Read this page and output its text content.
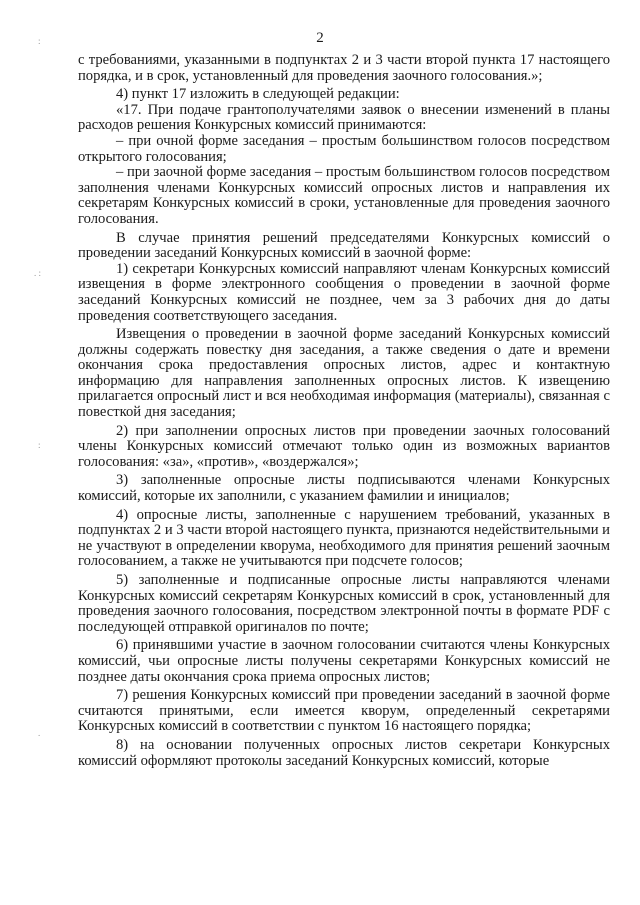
2

с требованиями, указанными в подпунктах 2 и 3 части второй пункта 17 настоящего порядка, и в срок, установленный для проведения заочного голосования.»;

4) пункт 17 изложить в следующей редакции:

«17. При подаче грантополучателями заявок о внесении изменений в планы расходов решения Конкурсных комиссий принимаются:

– при очной форме заседания – простым большинством голосов посредством открытого голосования;

– при заочной форме заседания – простым большинством голосов посредством заполнения членами Конкурсных комиссий опросных листов и направления их секретарям Конкурсных комиссий в сроки, установленные для проведения заочного голосования.

В случае принятия решений председателями Конкурсных комиссий о проведении заседаний Конкурсных комиссий в заочной форме:

1) секретари Конкурсных комиссий направляют членам Конкурсных комиссий извещения в форме электронного сообщения о проведении в заочной форме заседаний Конкурсных комиссий не позднее, чем за 3 рабочих дня до даты проведения соответствующего заседания.

Извещения о проведении в заочной форме заседаний Конкурсных комиссий должны содержать повестку дня заседания, а также сведения о дате и времени окончания срока предоставления опросных листов, адрес и контактную информацию для направления заполненных опросных листов. К извещению прилагается опросный лист и вся необходимая информация (материалы), связанная с повесткой дня заседания;

2) при заполнении опросных листов при проведении заочных голосований члены Конкурсных комиссий отмечают только один из возможных вариантов голосования: «за», «против», «воздержался»;

3) заполненные опросные листы подписываются членами Конкурсных комиссий, которые их заполнили, с указанием фамилии и инициалов;

4) опросные листы, заполненные с нарушением требований, указанных в подпунктах 2 и 3 части второй настоящего пункта, признаются недействительными и не участвуют в определении кворума, необходимого для принятия решений заочным голосованием, а также не учитываются при подсчете голосов;

5) заполненные и подписанные опросные листы направляются членами Конкурсных комиссий секретарям Конкурсных комиссий в срок, установленный для проведения заочного голосования, посредством электронной почты в формате PDF с последующей отправкой оригиналов по почте;

6) принявшими участие в заочном голосовании считаются члены Конкурсных комиссий, чьи опросные листы получены секретарями Конкурсных комиссий не позднее даты окончания срока приема опросных листов;

7) решения Конкурсных комиссий при проведении заседаний в заочной форме считаются принятыми, если имеется кворум, определенный секретарями Конкурсных комиссий в соответствии с пунктом 16 настоящего порядка;

8) на основании полученных опросных листов секретари Конкурсных комиссий оформляют протоколы заседаний Конкурсных комиссий, которые

:
. :
:
.
